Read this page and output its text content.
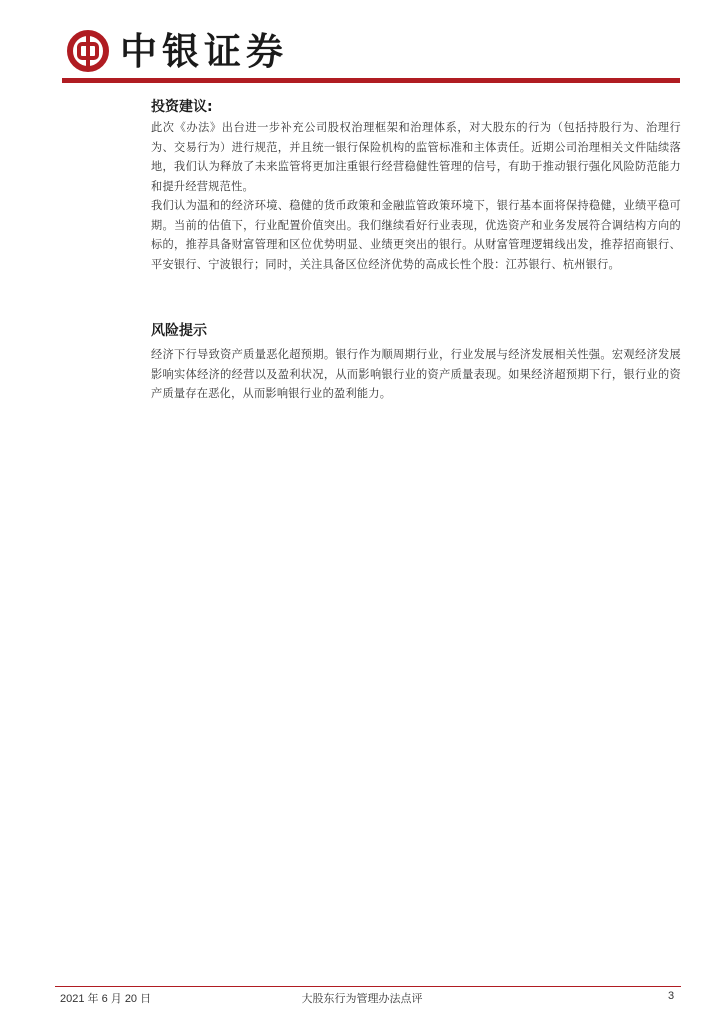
中银证券
投资建议:

此次《办法》出台进一步补充公司股权治理框架和治理体系，对大股东的行为（包括持股行为、治理行为、交易行为）进行规范，并且统一银行保险机构的监管标准和主体责任。近期公司治理相关文件陆续落地，我们认为释放了未来监管将更加注重银行经营稳健性管理的信号，有助于推动银行强化风险防范能力和提升经营规范性。

我们认为温和的经济环境、稳健的货币政策和金融监管政策环境下，银行基本面将保持稳健，业绩平稳可期。当前的估值下，行业配置价值突出。我们继续看好行业表现，优选资产和业务发展符合调结构方向的标的，推荐具备财富管理和区位优势明显、业绩更突出的银行。从财富管理逻辑线出发，推荐招商银行、平安银行、宁波银行；同时，关注具备区位经济优势的高成长性个股：江苏银行、杭州银行。

风险提示

经济下行导致资产质量恶化超预期。银行作为顺周期行业，行业发展与经济发展相关性强。宏观经济发展影响实体经济的经营以及盈利状况，从而影响银行业的资产质量表现。如果经济超预期下行，银行业的资产质量存在恶化，从而影响银行业的盈利能力。

2021 年 6 月 20 日	大股东行为管理办法点评	3
